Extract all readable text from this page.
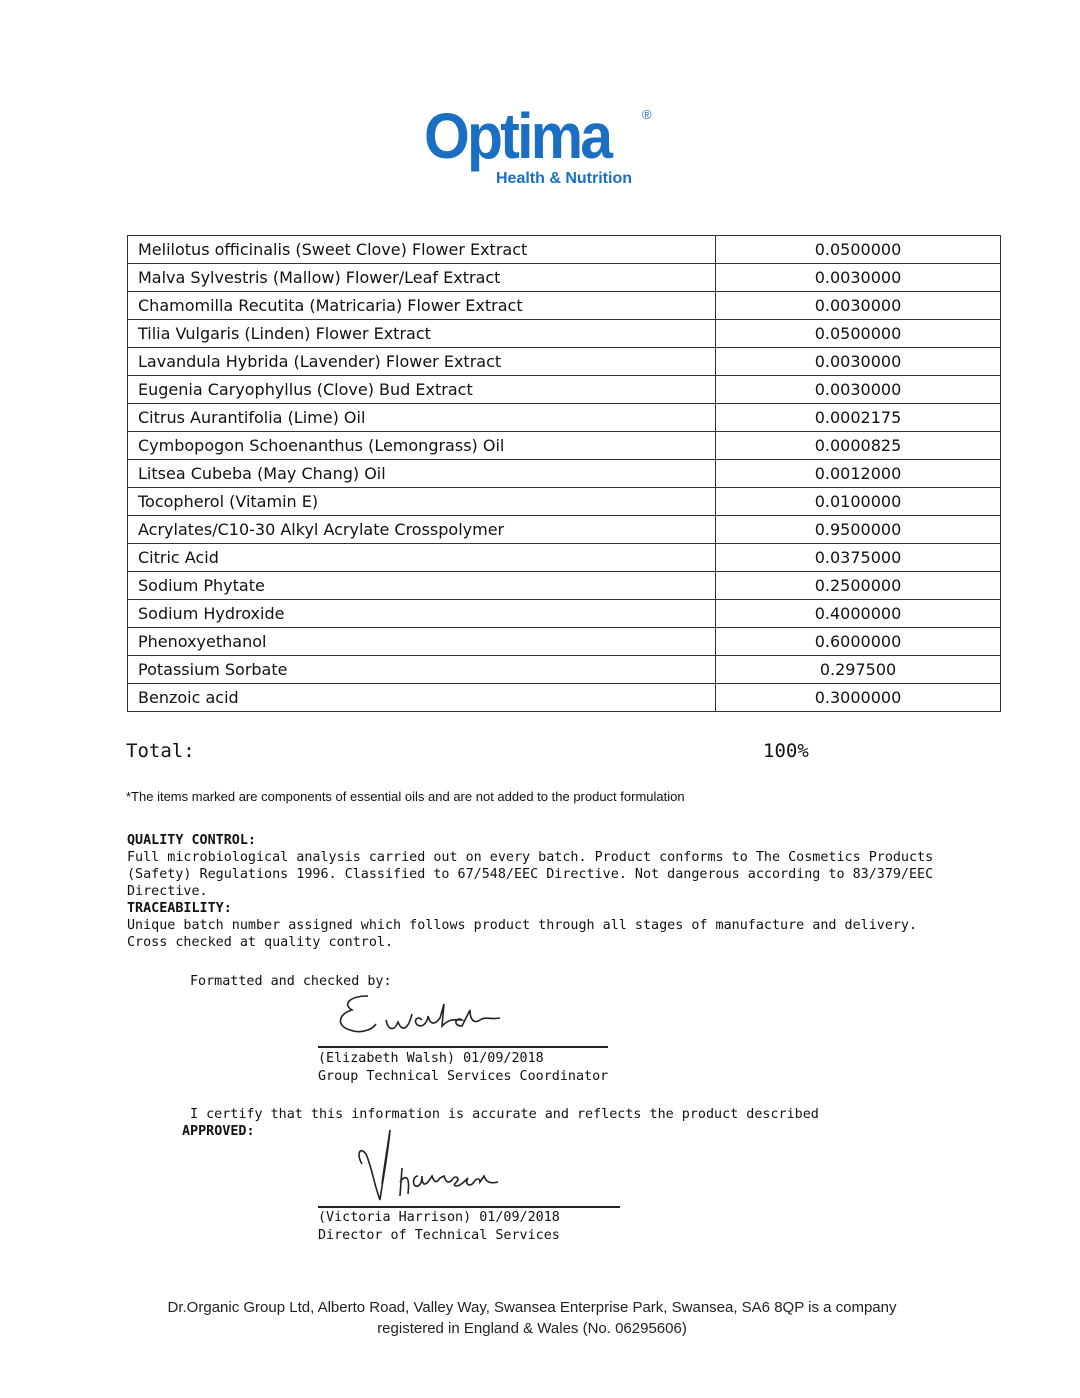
Optima ®
Health & Nutrition
Melilotus officinalis (Sweet Clove) Flower Extract	0.0500000
Malva Sylvestris (Mallow) Flower/Leaf Extract	0.0030000
Chamomilla Recutita (Matricaria) Flower Extract	0.0030000
Tilia Vulgaris (Linden) Flower Extract	0.0500000
Lavandula Hybrida (Lavender) Flower Extract	0.0030000
Eugenia Caryophyllus (Clove) Bud Extract	0.0030000
Citrus Aurantifolia (Lime) Oil	0.0002175
Cymbopogon Schoenanthus (Lemongrass) Oil	0.0000825
Litsea Cubeba (May Chang) Oil	0.0012000
Tocopherol (Vitamin E)	0.0100000
Acrylates/C10-30 Alkyl Acrylate Crosspolymer	0.9500000
Citric Acid	0.0375000
Sodium Phytate	0.2500000
Sodium Hydroxide	0.4000000
Phenoxyethanol	0.6000000
Potassium Sorbate	0.297500
Benzoic acid	0.3000000
Total:	100%
*The items marked are components of essential oils and are not added to the product formulation
QUALITY CONTROL:
Full microbiological analysis carried out on every batch. Product conforms to The Cosmetics Products (Safety) Regulations 1996. Classified to 67/548/EEC Directive. Not dangerous according to 83/379/EEC Directive.
TRACEABILITY:
Unique batch number assigned which follows product through all stages of manufacture and delivery. Cross checked at quality control.
Formatted and checked by:
(Elizabeth Walsh) 01/09/2018
Group Technical Services Coordinator
I certify that this information is accurate and reflects the product described
APPROVED:
(Victoria Harrison) 01/09/2018
Director of Technical Services
Dr.Organic Group Ltd, Alberto Road, Valley Way, Swansea Enterprise Park, Swansea, SA6 8QP is a company
registered in England & Wales (No. 06295606)
